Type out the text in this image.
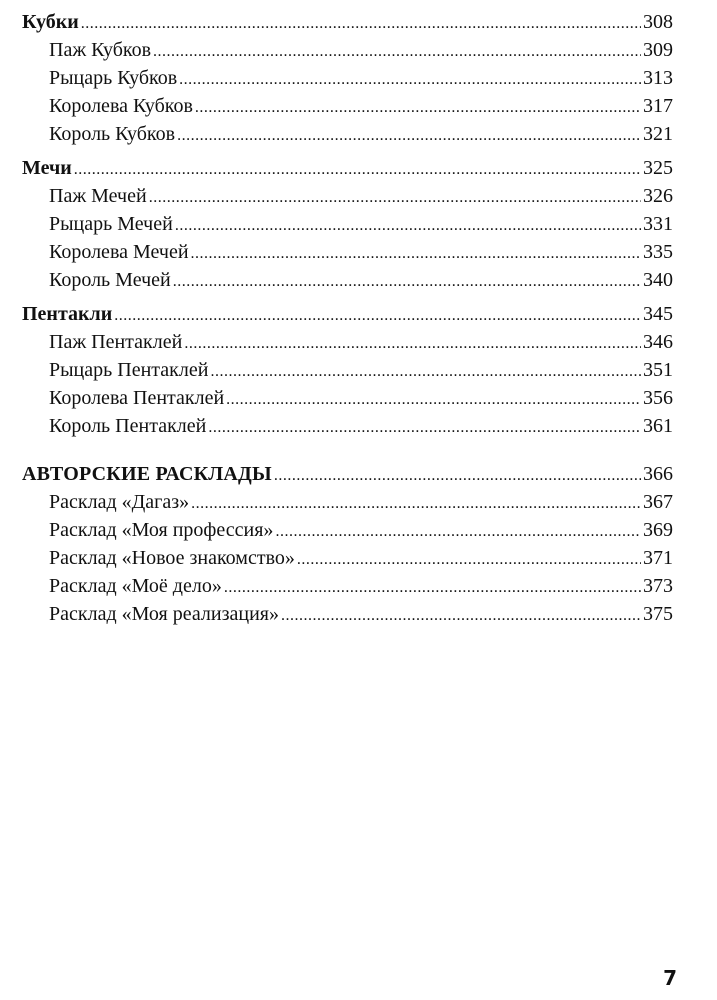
Кубки .....	308
Паж Кубков .....	309
Рыцарь Кубков .....	313
Королева Кубков .....	317
Король Кубков .....	321
Мечи .....	325
Паж Мечей .....	326
Рыцарь Мечей .....	331
Королева Мечей .....	335
Король Мечей .....	340
Пентакли .....	345
Паж Пентаклей .....	346
Рыцарь Пентаклей .....	351
Королева Пентаклей .....	356
Король Пентаклей .....	361
АВТОРСКИЕ РАСКЛАДЫ .....	366
Расклад «Дагаз» .....	367
Расклад «Моя профессия» .....	369
Расклад «Новое знакомство» .....	371
Расклад «Моё дело» .....	373
Расклад «Моя реализация» .....	375
7
